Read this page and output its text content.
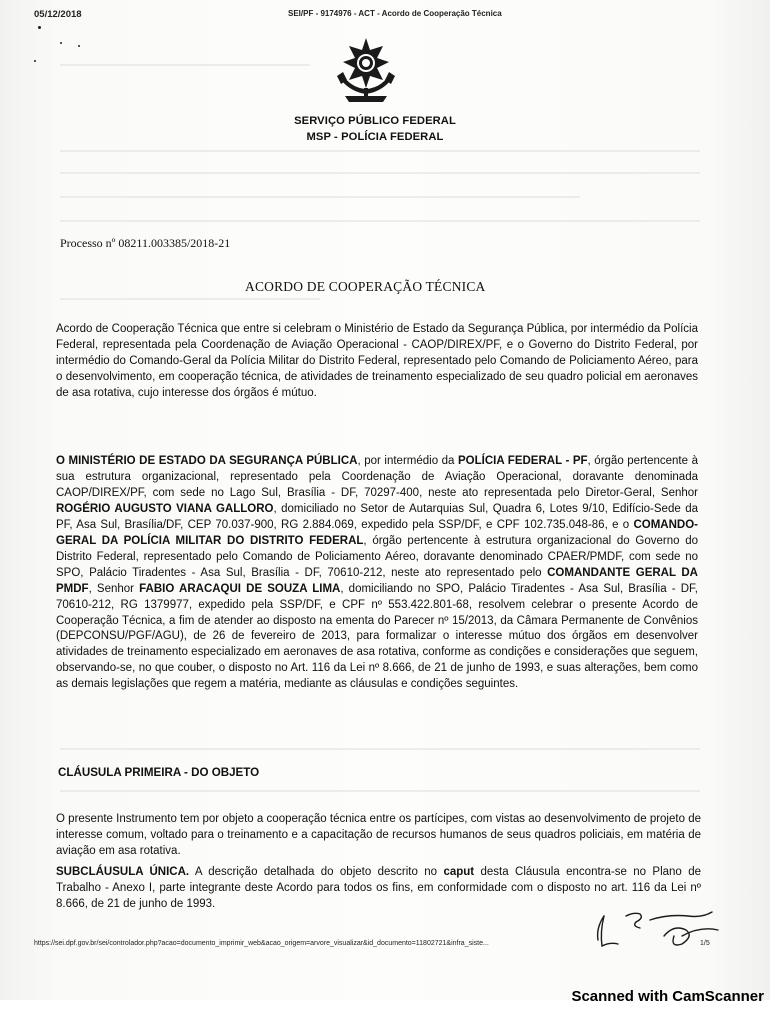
05/12/2018	SEI/PF - 9174976 - ACT - Acordo de Cooperação Técnica
SERVIÇO PÚBLICO FEDERAL
MSP - POLÍCIA FEDERAL
Processo nº 08211.003385/2018-21
ACORDO DE COOPERAÇÃO TÉCNICA

Acordo de Cooperação Técnica que entre si celebram o Ministério de Estado da Segurança Pública, por intermédio da Polícia Federal, representada pela Coordenação de Aviação Operacional - CAOP/DIREX/PF, e o Governo do Distrito Federal, por intermédio do Comando-Geral da Polícia Militar do Distrito Federal, representado pelo Comando de Policiamento Aéreo, para o desenvolvimento, em cooperação técnica, de atividades de treinamento especializado de seu quadro policial em aeronaves de asa rotativa, cujo interesse dos órgãos é mútuo.

O MINISTÉRIO DE ESTADO DA SEGURANÇA PÚBLICA, por intermédio da POLÍCIA FEDERAL - PF, órgão pertencente à sua estrutura organizacional, representado pela Coordenação de Aviação Operacional, doravante denominada CAOP/DIREX/PF, com sede no Lago Sul, Brasília - DF, 70297-400, neste ato representada pelo Diretor-Geral, Senhor ROGÉRIO AUGUSTO VIANA GALLORO, domiciliado no Setor de Autarquias Sul, Quadra 6, Lotes 9/10, Edifício-Sede da PF, Asa Sul, Brasília/DF, CEP 70.037-900, RG 2.884.069, expedido pela SSP/DF, e CPF 102.735.048-86, e o COMANDO-GERAL DA POLÍCIA MILITAR DO DISTRITO FEDERAL, órgão pertencente à estrutura organizacional do Governo do Distrito Federal, representado pelo Comando de Policiamento Aéreo, doravante denominado CPAER/PMDF, com sede no SPO, Palácio Tiradentes - Asa Sul, Brasília - DF, 70610-212, neste ato representado pelo COMANDANTE GERAL DA PMDF, Senhor FABIO ARACAQUI DE SOUZA LIMA, domiciliando no SPO, Palácio Tiradentes - Asa Sul, Brasília - DF, 70610-212, RG 1379977, expedido pela SSP/DF, e CPF nº 553.422.801-68, resolvem celebrar o presente Acordo de Cooperação Técnica, a fim de atender ao disposto na ementa do Parecer nº 15/2013, da Câmara Permanente de Convênios (DEPCONSU/PGF/AGU), de 26 de fevereiro de 2013, para formalizar o interesse mútuo dos órgãos em desenvolver atividades de treinamento especializado em aeronaves de asa rotativa, conforme as condições e considerações que seguem, observando-se, no que couber, o disposto no Art. 116 da Lei nº 8.666, de 21 de junho de 1993, e suas alterações, bem como as demais legislações que regem a matéria, mediante as cláusulas e condições seguintes.

CLÁUSULA PRIMEIRA - DO OBJETO

O presente Instrumento tem por objeto a cooperação técnica entre os partícipes, com vistas ao desenvolvimento de projeto de interesse comum, voltado para o treinamento e a capacitação de recursos humanos de seus quadros policiais, em matéria de aviação em asa rotativa.

SUBCLÁUSULA ÚNICA. A descrição detalhada do objeto descrito no caput desta Cláusula encontra-se no Plano de Trabalho - Anexo I, parte integrante deste Acordo para todos os fins, em conformidade com o disposto no art. 116 da Lei nº 8.666, de 21 de junho de 1993.

https://sei.dpf.gov.br/sei/controlador.php?acao=documento_imprimir_web&acao_origem=arvore_visualizar&id_documento=11802721&infra_siste...	1/5
Scanned with CamScanner
